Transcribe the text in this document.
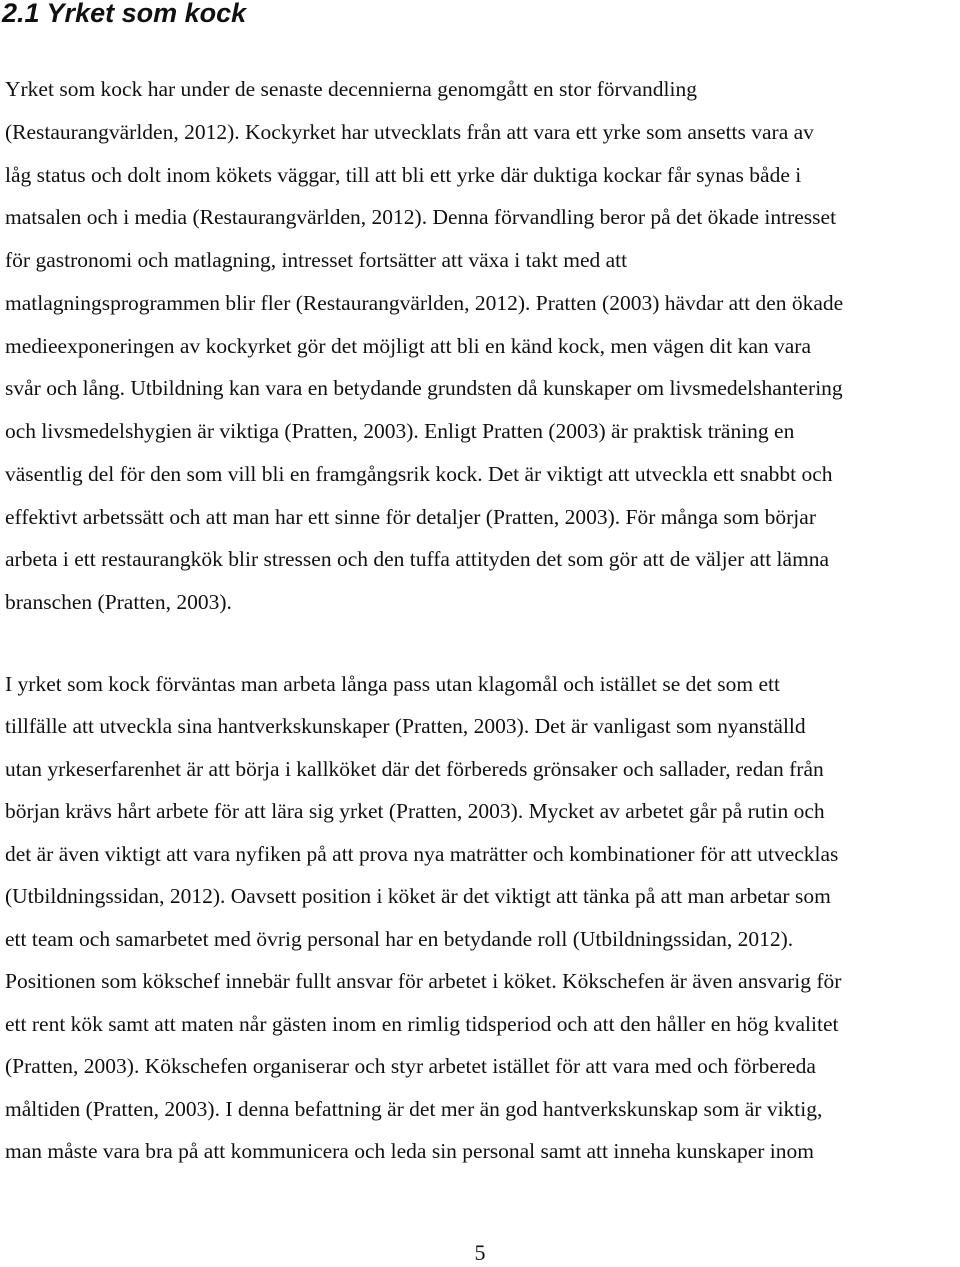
2.1 Yrket som kock

Yrket som kock har under de senaste decennierna genomgått en stor förvandling

(Restaurangvärlden, 2012). Kockyrket har utvecklats från att vara ett yrke som ansetts vara av

låg status och dolt inom kökets väggar, till att bli ett yrke där duktiga kockar får synas både i

matsalen och i media (Restaurangvärlden, 2012). Denna förvandling beror på det ökade intresset

för gastronomi och matlagning, intresset fortsätter att växa i takt med att

matlagningsprogrammen blir fler (Restaurangvärlden, 2012). Pratten (2003) hävdar att den ökade

medieexponeringen av kockyrket gör det möjligt att bli en känd kock, men vägen dit kan vara

svår och lång. Utbildning kan vara en betydande grundsten då kunskaper om livsmedelshantering

och livsmedelshygien är viktiga (Pratten, 2003). Enligt Pratten (2003) är praktisk träning en

väsentlig del för den som vill bli en framgångsrik kock. Det är viktigt att utveckla ett snabbt och

effektivt arbetssätt och att man har ett sinne för detaljer (Pratten, 2003). För många som börjar

arbeta i ett restaurangkök blir stressen och den tuffa attityden det som gör att de väljer att lämna

branschen (Pratten, 2003).

I yrket som kock förväntas man arbeta långa pass utan klagomål och istället se det som ett

tillfälle att utveckla sina hantverkskunskaper (Pratten, 2003). Det är vanligast som nyanställd

utan yrkeserfarenhet är att börja i kallköket där det förbereds grönsaker och sallader, redan från

början krävs hårt arbete för att lära sig yrket (Pratten, 2003). Mycket av arbetet går på rutin och

det är även viktigt att vara nyfiken på att prova nya maträtter och kombinationer för att utvecklas

(Utbildningssidan, 2012). Oavsett position i köket är det viktigt att tänka på att man arbetar som

ett team och samarbetet med övrig personal har en betydande roll (Utbildningssidan, 2012).

Positionen som kökschef innebär fullt ansvar för arbetet i köket. Kökschefen är även ansvarig för

ett rent kök samt att maten når gästen inom en rimlig tidsperiod och att den håller en hög kvalitet

(Pratten, 2003). Kökschefen organiserar och styr arbetet istället för att vara med och förbereda

måltiden (Pratten, 2003). I denna befattning är det mer än god hantverkskunskap som är viktig,

man måste vara bra på att kommunicera och leda sin personal samt att inneha kunskaper inom

5
